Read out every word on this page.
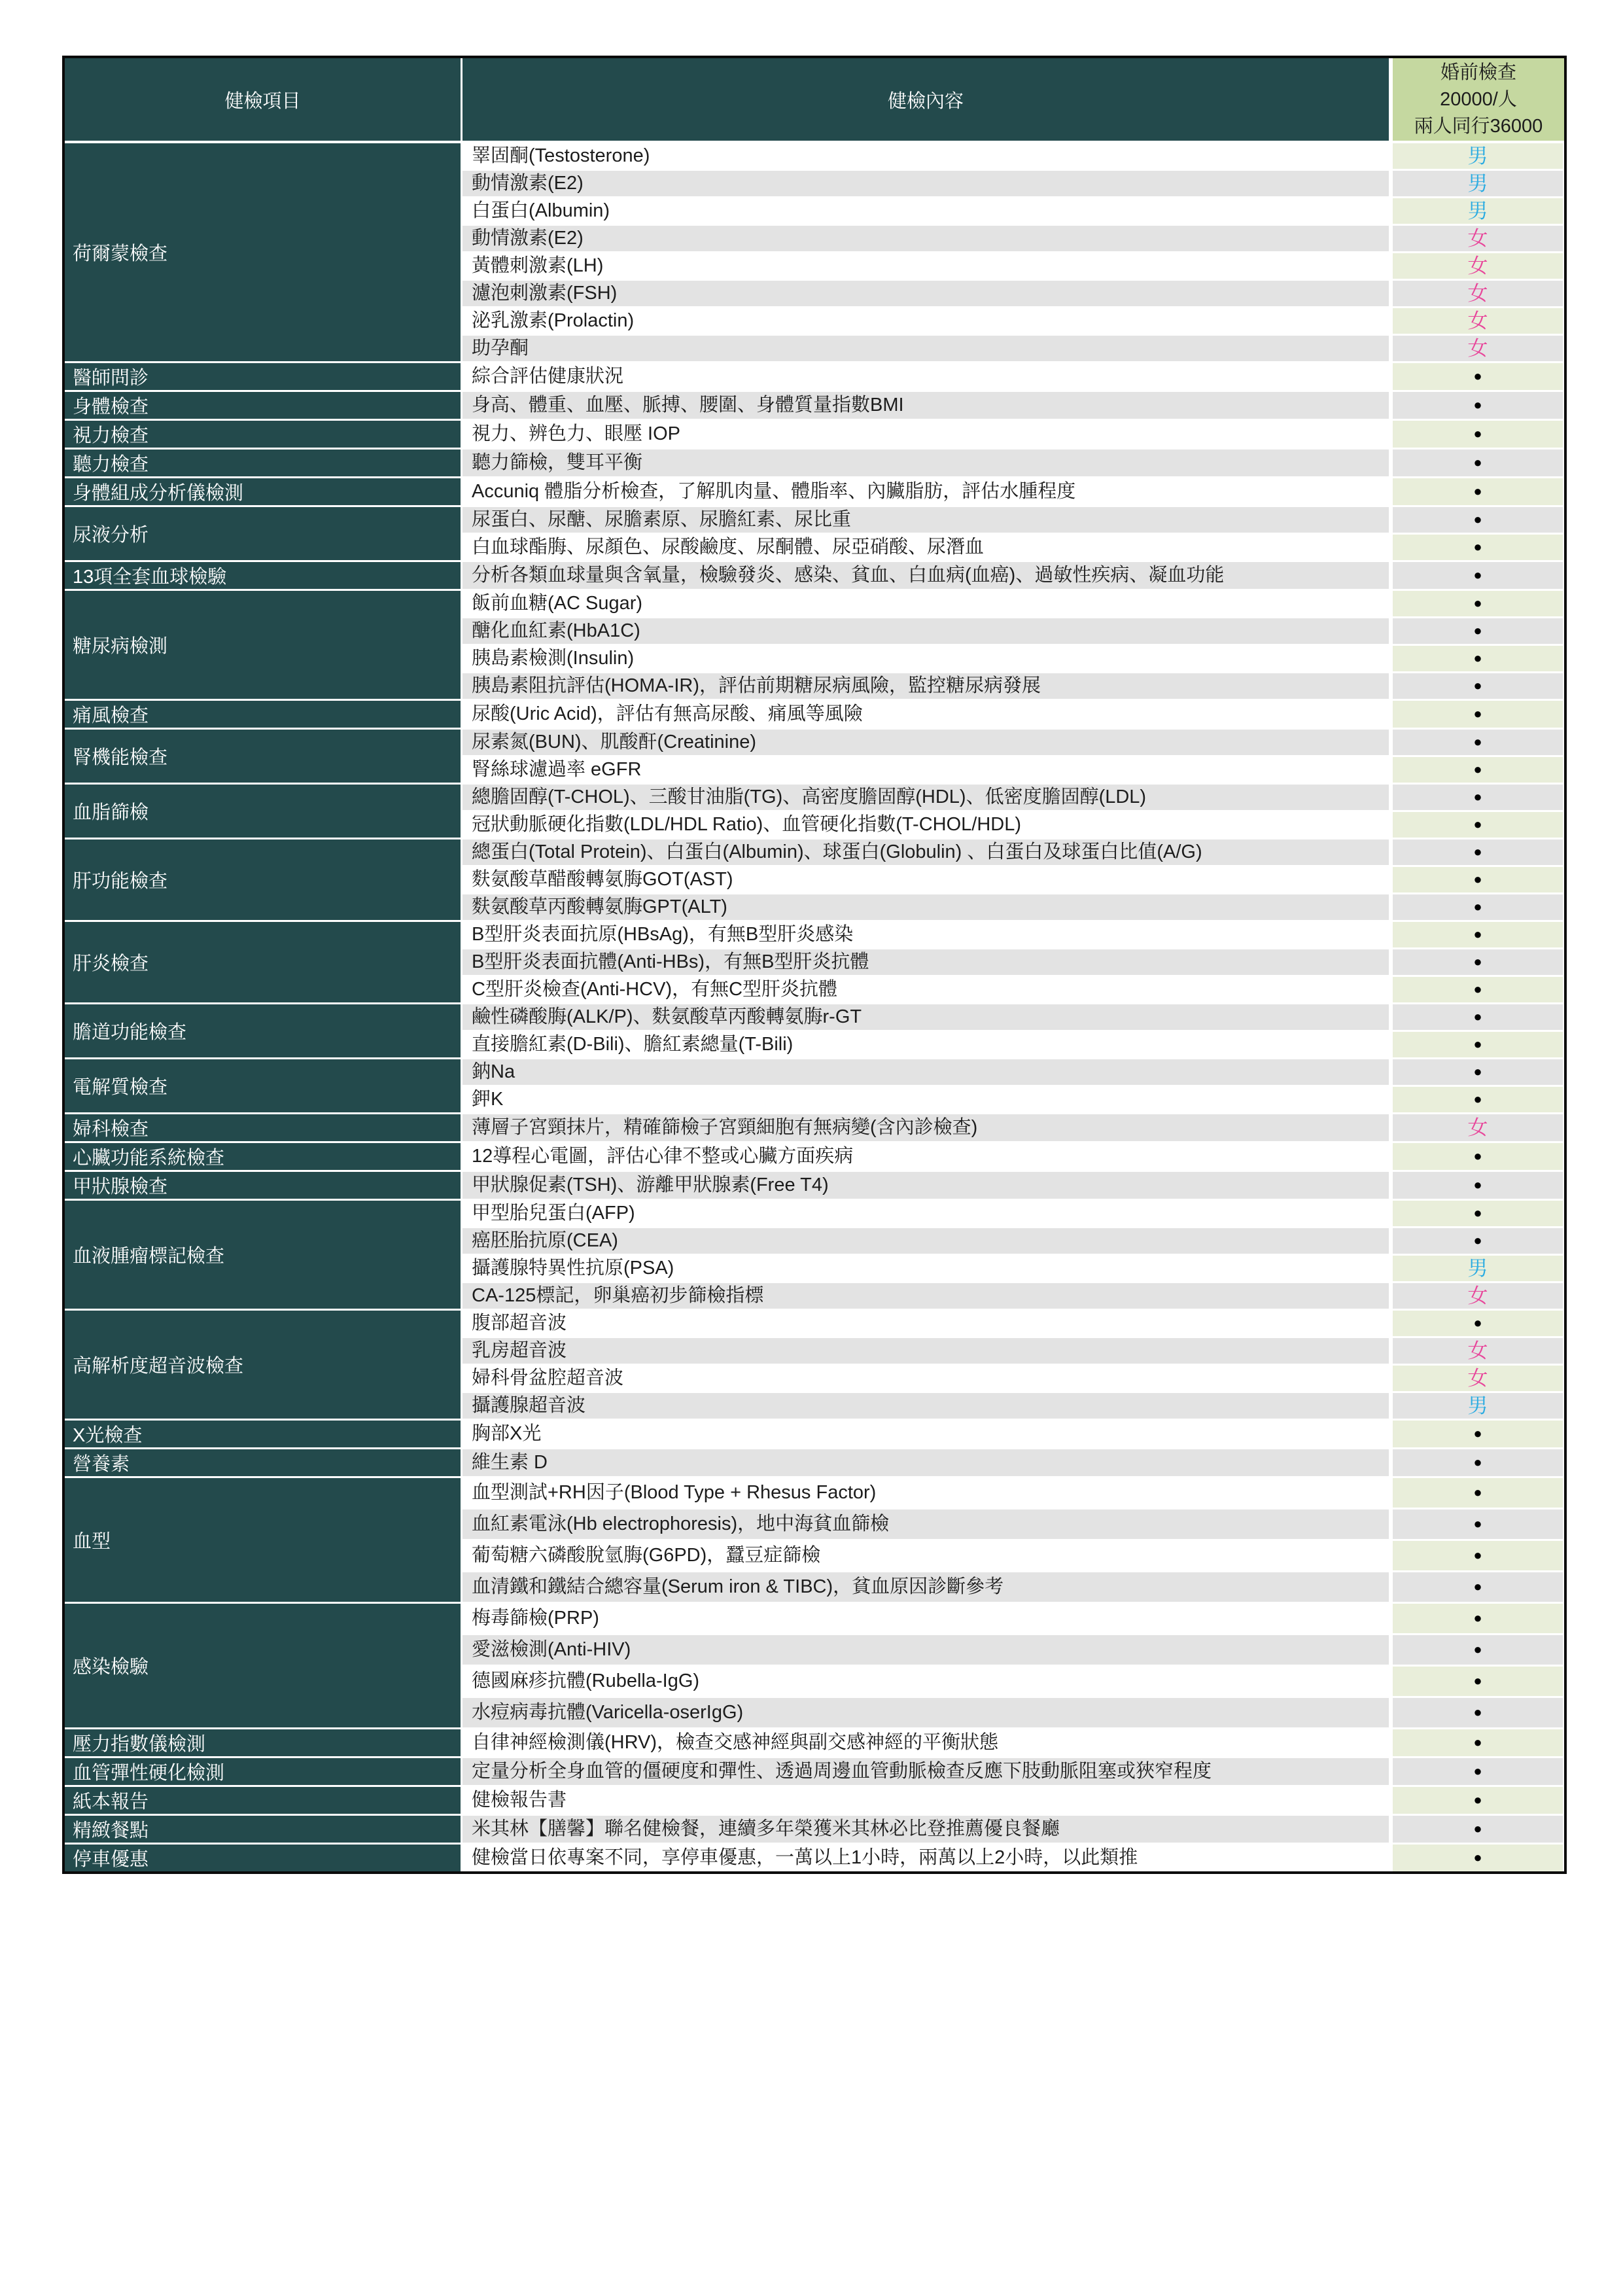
健檢項目	健檢內容	婚前檢查
20000/人
兩人同行36000

荷爾蒙檢查	睪固酮(Testosterone)	男
	動情激素(E2)	男
	白蛋白(Albumin)	男
	動情激素(E2)	女
	黃體刺激素(LH)	女
	濾泡刺激素(FSH)	女
	泌乳激素(Prolactin)	女
	助孕酮	女
醫師問診	綜合評估健康狀況	●
身體檢查	身高、體重、血壓、脈搏、腰圍、身體質量指數BMI	●
視力檢查	視力、辨色力、眼壓 IOP	●
聽力檢查	聽力篩檢，雙耳平衡	●
身體組成分析儀檢測	Accuniq 體脂分析檢查，了解肌肉量、體脂率、內臟脂肪，評估水腫程度	●
尿液分析	尿蛋白、尿醣、尿膽素原、尿膽紅素、尿比重	●
	白血球酯脢、尿顏色、尿酸鹼度、尿酮體、尿亞硝酸、尿潛血	●
13項全套血球檢驗	分析各類血球量與含氧量，檢驗發炎、感染、貧血、白血病(血癌)、過敏性疾病、凝血功能	●
糖尿病檢測	飯前血糖(AC Sugar)	●
	醣化血紅素(HbA1C)	●
	胰島素檢測(Insulin)	●
	胰島素阻抗評估(HOMA-IR)，評估前期糖尿病風險，監控糖尿病發展	●
痛風檢查	尿酸(Uric Acid)，評估有無高尿酸、痛風等風險	●
腎機能檢查	尿素氮(BUN)、肌酸酐(Creatinine)	●
	腎絲球濾過率 eGFR	●
血脂篩檢	總膽固醇(T-CHOL)、三酸甘油脂(TG)、高密度膽固醇(HDL)、低密度膽固醇(LDL)	●
	冠狀動脈硬化指數(LDL/HDL Ratio)、血管硬化指數(T-CHOL/HDL)	●
肝功能檢查	總蛋白(Total Protein)、白蛋白(Albumin)、球蛋白(Globulin) 、白蛋白及球蛋白比值(A/G)	●
	麩氨酸草醋酸轉氨脢GOT(AST)	●
	麩氨酸草丙酸轉氨脢GPT(ALT)	●
肝炎檢查	B型肝炎表面抗原(HBsAg)，有無B型肝炎感染	●
	B型肝炎表面抗體(Anti-HBs)，有無B型肝炎抗體	●
	C型肝炎檢查(Anti-HCV)，有無C型肝炎抗體	●
膽道功能檢查	鹼性磷酸脢(ALK/P)、麩氨酸草丙酸轉氨脢r-GT	●
	直接膽紅素(D-Bili)、膽紅素總量(T-Bili)	●
電解質檢查	鈉Na	●
	鉀K	●
婦科檢查	薄層子宮頸抹片，精確篩檢子宮頸細胞有無病變(含內診檢查)	女
心臟功能系統檢查	12導程心電圖，評估心律不整或心臟方面疾病	●
甲狀腺檢查	甲狀腺促素(TSH)、游離甲狀腺素(Free T4)	●
血液腫瘤標記檢查	甲型胎兒蛋白(AFP)	●
	癌胚胎抗原(CEA)	●
	攝護腺特異性抗原(PSA)	男
	CA-125標記，卵巢癌初步篩檢指標	女
高解析度超音波檢查	腹部超音波	●
	乳房超音波	女
	婦科骨盆腔超音波	女
	攝護腺超音波	男
X光檢查	胸部X光	●
營養素	維生素 D	●
血型	血型測試+RH因子(Blood Type + Rhesus Factor)	●
	血紅素電泳(Hb electrophoresis)，地中海貧血篩檢	●
	葡萄糖六磷酸脫氫脢(G6PD)，蠶豆症篩檢	●
	血清鐵和鐵結合總容量(Serum iron & TIBC)，貧血原因診斷參考	●
感染檢驗	梅毒篩檢(PRP)	●
	愛滋檢測(Anti-HIV)	●
	德國麻疹抗體(Rubella-IgG)	●
	水痘病毒抗體(Varicella-oserIgG)	●
壓力指數儀檢測	自律神經檢測儀(HRV)，檢查交感神經與副交感神經的平衡狀態	●
血管彈性硬化檢測	定量分析全身血管的僵硬度和彈性、透過周邊血管動脈檢查反應下肢動脈阻塞或狹窄程度	●
紙本報告	健檢報告書	●
精緻餐點	米其林【膳馨】聯名健檢餐，連續多年榮獲米其林必比登推薦優良餐廳	●
停車優惠	健檢當日依專案不同，享停車優惠，一萬以上1小時，兩萬以上2小時，以此類推	●
